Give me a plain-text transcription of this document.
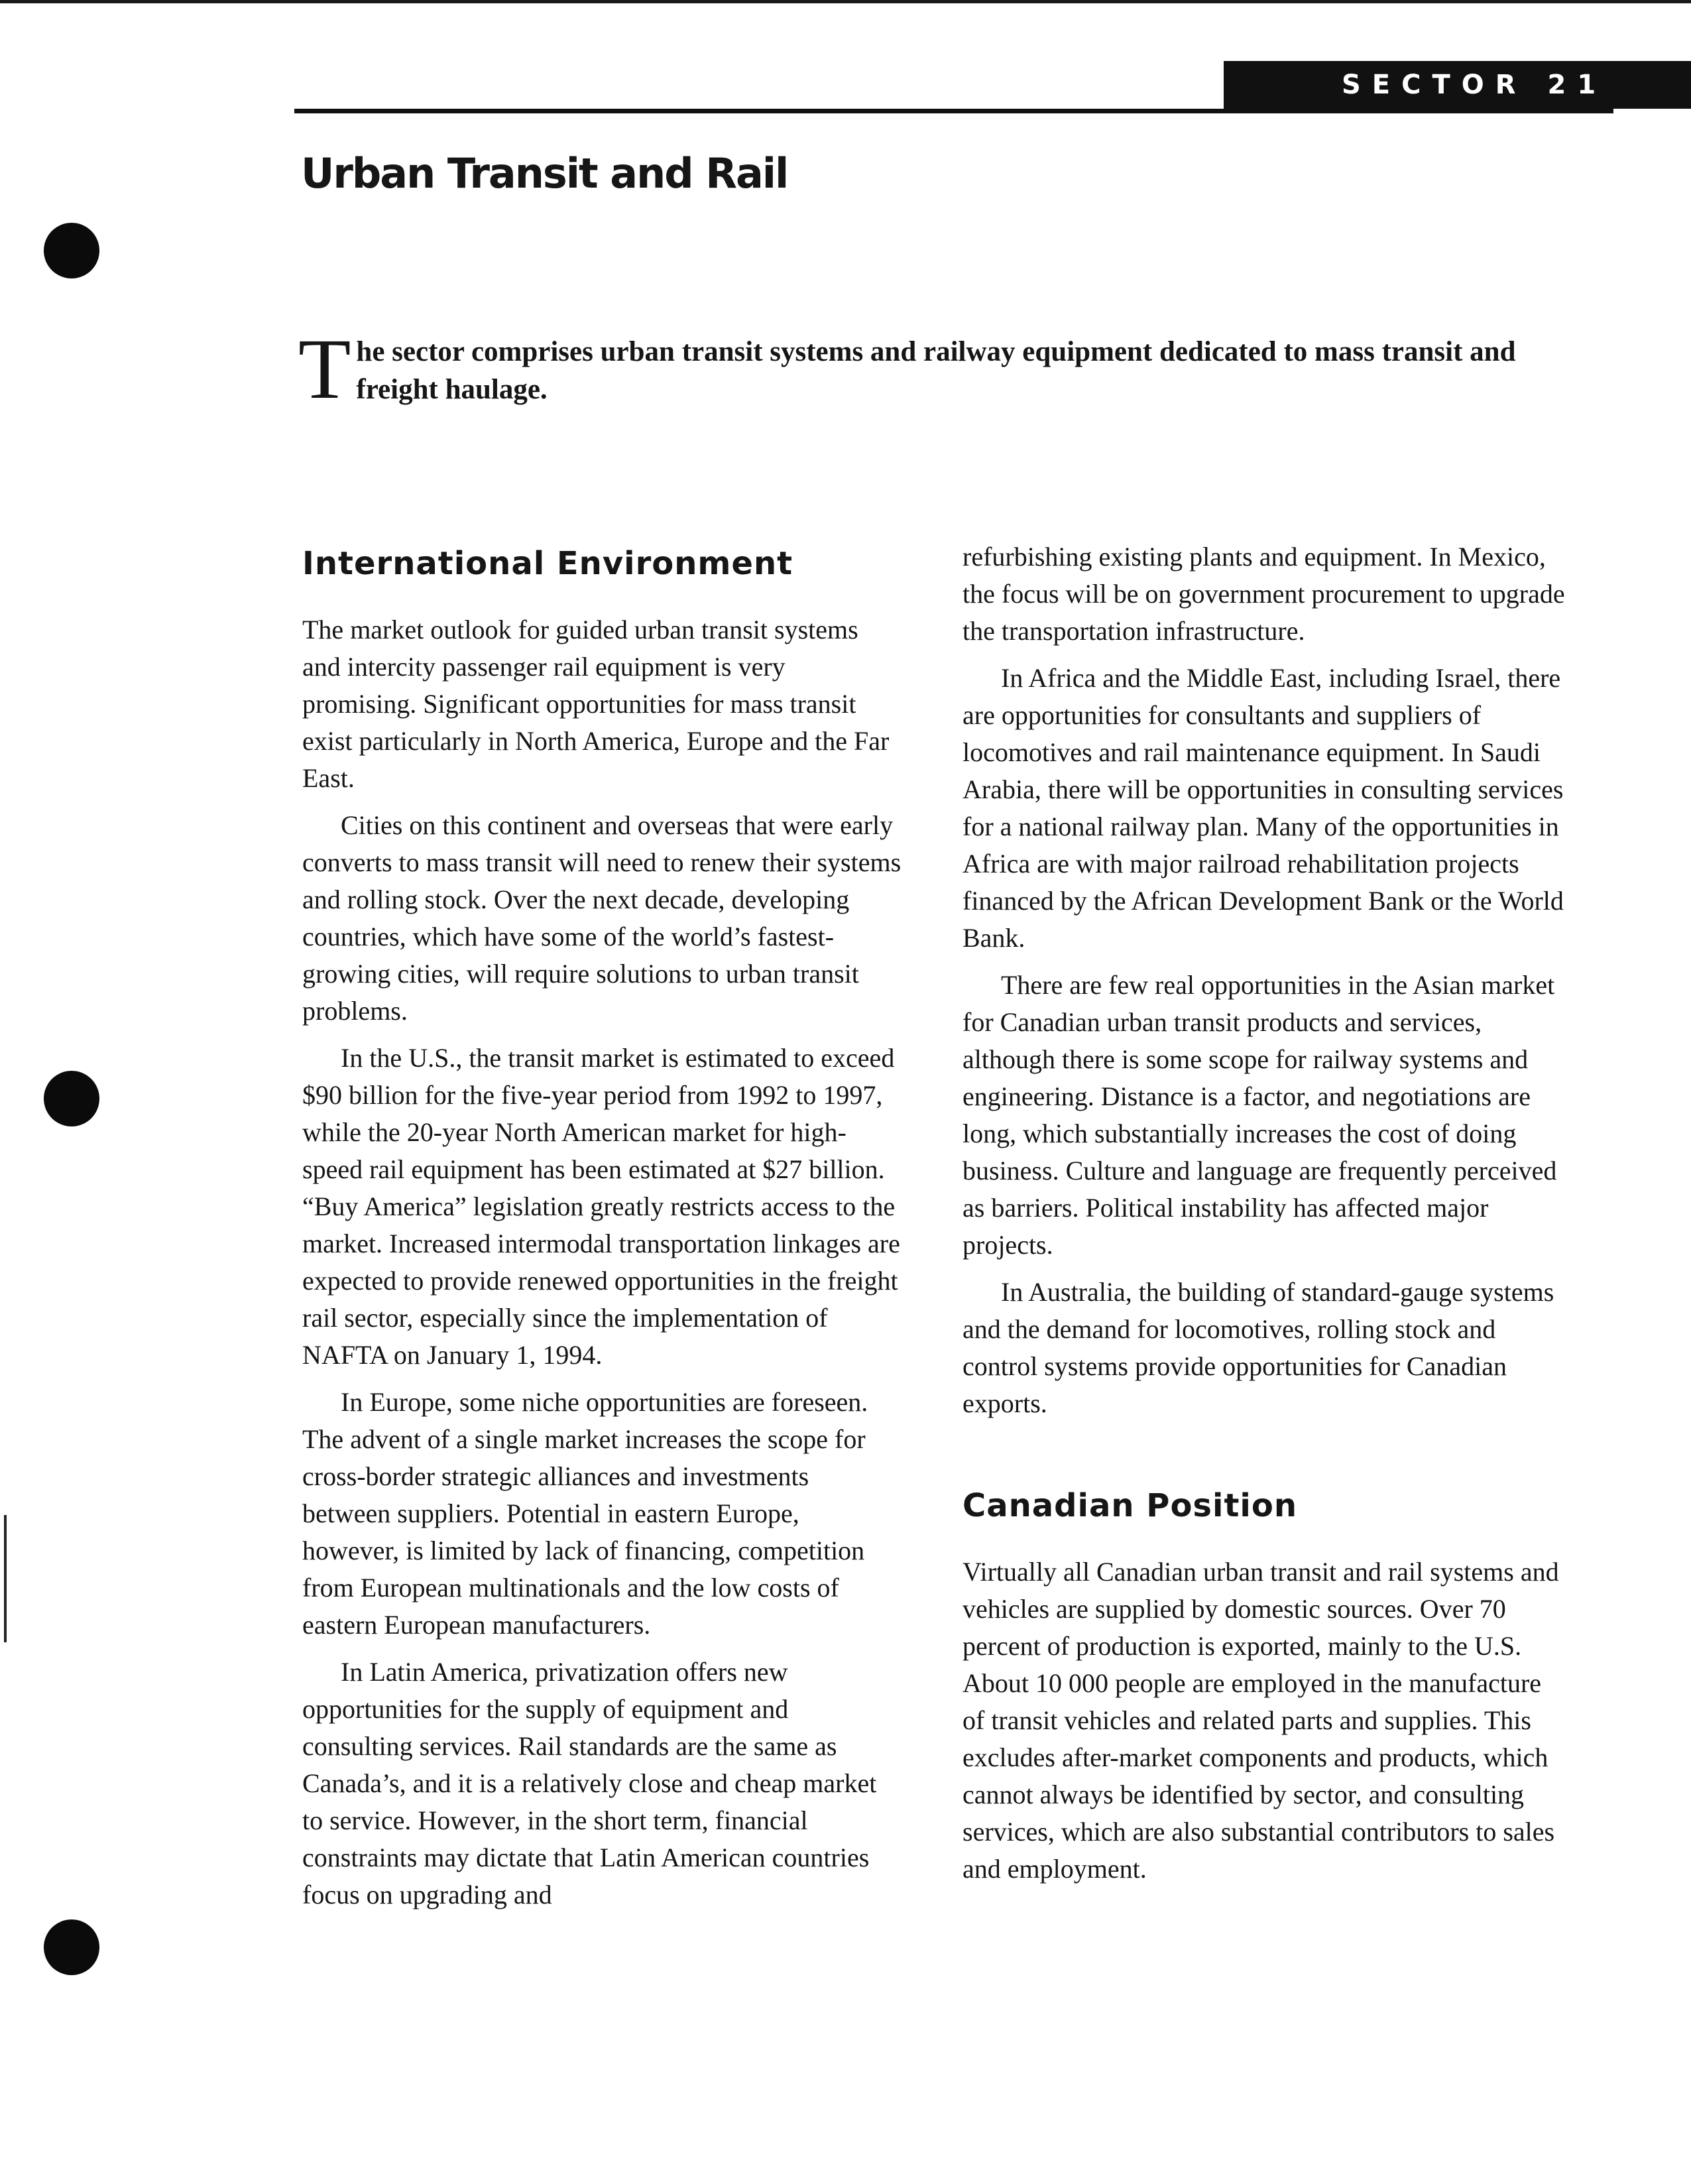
SECTOR 21
Urban Transit and Rail

T he sector comprises urban transit systems and railway equipment dedicated to mass transit and freight haulage.

International Environment

The market outlook for guided urban transit systems and intercity passenger rail equipment is very promising. Significant opportunities for mass transit exist particularly in North America, Europe and the Far East.

Cities on this continent and overseas that were early converts to mass transit will need to renew their systems and rolling stock. Over the next decade, developing countries, which have some of the world’s fastest-growing cities, will require solutions to urban transit problems.

In the U.S., the transit market is estimated to exceed $90 billion for the five-year period from 1992 to 1997, while the 20-year North American market for high-speed rail equipment has been estimated at $27 billion. “Buy America” legislation greatly restricts access to the market. Increased intermodal transportation linkages are expected to provide renewed opportunities in the freight rail sector, especially since the implementation of NAFTA on January 1, 1994.

In Europe, some niche opportunities are foreseen. The advent of a single market increases the scope for cross-border strategic alliances and investments between suppliers. Potential in eastern Europe, however, is limited by lack of financing, competition from European multinationals and the low costs of eastern European manufacturers.

In Latin America, privatization offers new opportunities for the supply of equipment and consulting services. Rail standards are the same as Canada’s, and it is a relatively close and cheap market to service. However, in the short term, financial constraints may dictate that Latin American countries focus on upgrading and

refurbishing existing plants and equipment. In Mexico, the focus will be on government procurement to upgrade the transportation infrastructure.

In Africa and the Middle East, including Israel, there are opportunities for consultants and suppliers of locomotives and rail maintenance equipment. In Saudi Arabia, there will be opportunities in consulting services for a national railway plan. Many of the opportunities in Africa are with major railroad rehabilitation projects financed by the African Development Bank or the World Bank.

There are few real opportunities in the Asian market for Canadian urban transit products and services, although there is some scope for railway systems and engineering. Distance is a factor, and negotiations are long, which substantially increases the cost of doing business. Culture and language are frequently perceived as barriers. Political instability has affected major projects.

In Australia, the building of standard-gauge systems and the demand for locomotives, rolling stock and control systems provide opportunities for Canadian exports.

Canadian Position

Virtually all Canadian urban transit and rail systems and vehicles are supplied by domestic sources. Over 70 percent of production is exported, mainly to the U.S. About 10 000 people are employed in the manufacture of transit vehicles and related parts and supplies. This excludes after-market components and products, which cannot always be identified by sector, and consulting services, which are also substantial contributors to sales and employment.
